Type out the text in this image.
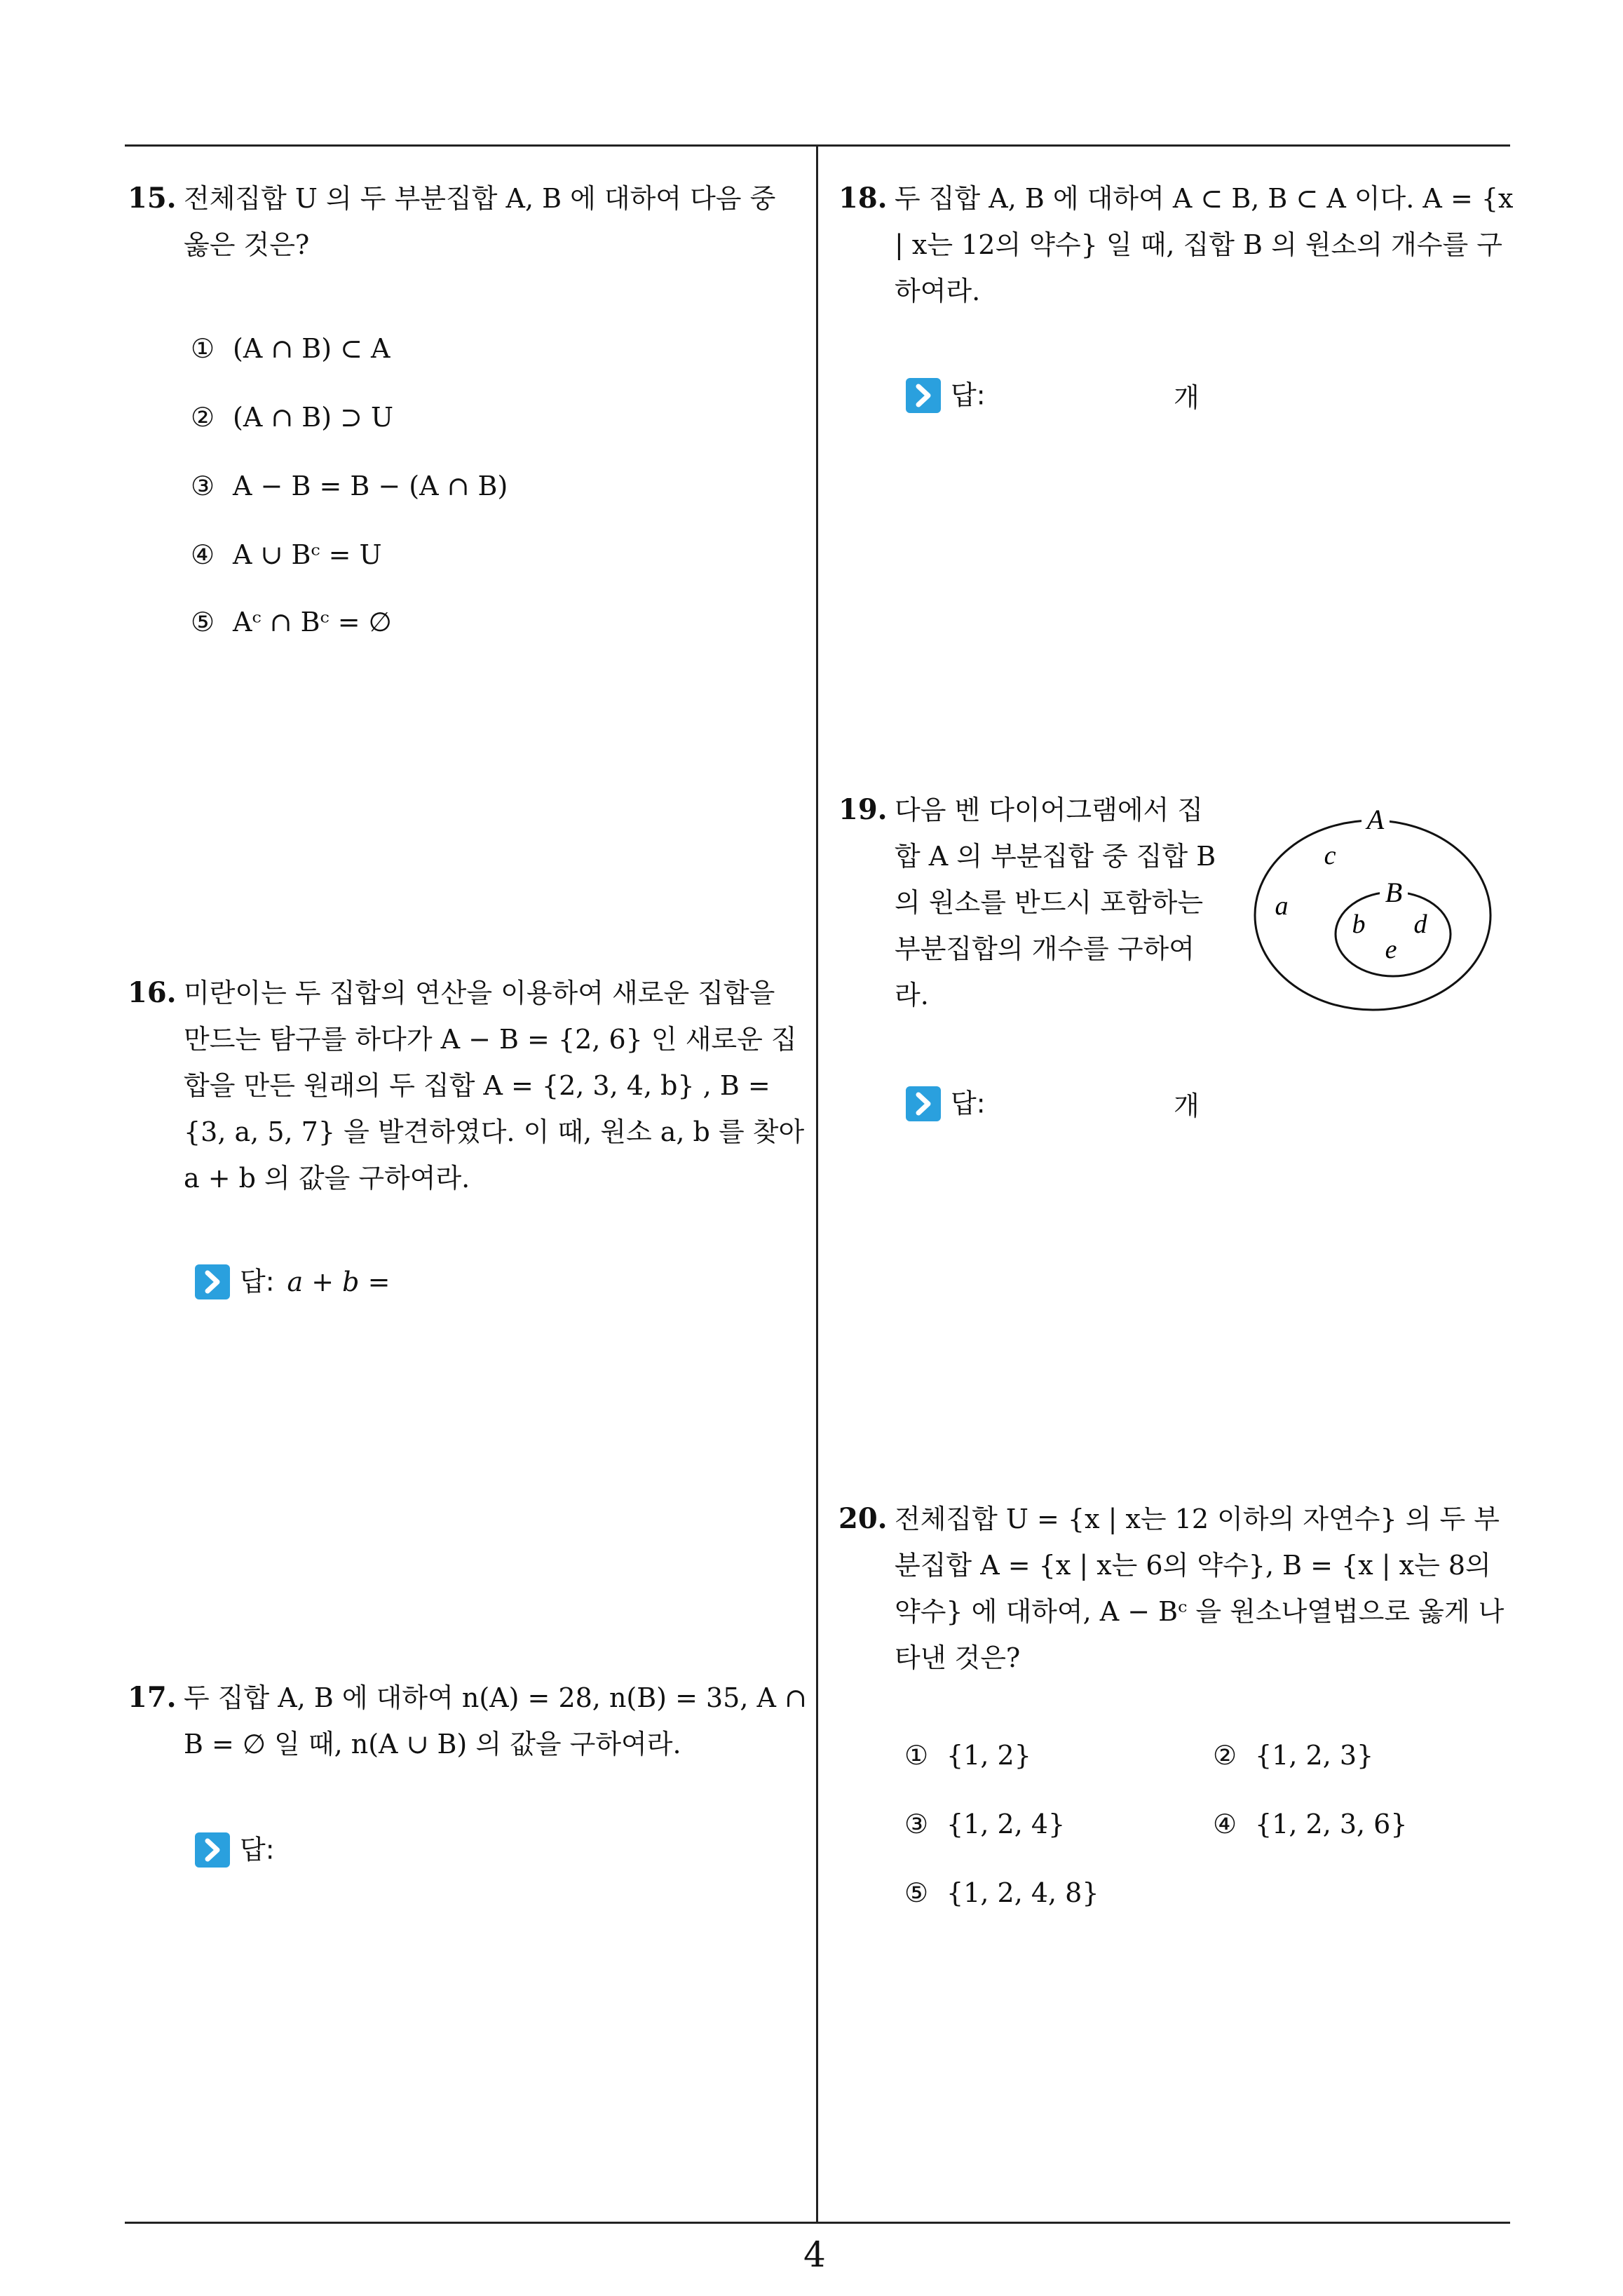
15. 전체집합 U 의 두 부분집합 A, B 에 대하여 다음 중 옳은 것은?
① (A ∩ B) ⊂ A
② (A ∩ B) ⊃ U
③ A − B = B − (A ∩ B)
④ A ∪ Bᶜ = U
⑤ Aᶜ ∩ Bᶜ = ∅
16. 미란이는 두 집합의 연산을 이용하여 새로운 집합을 만드는 탐구를 하다가 A − B = {2, 6} 인 새로운 집합을 만든 원래의 두 집합 A = {2, 3, 4, b} , B = {3, a, 5, 7} 을 발견하였다. 이 때, 원소 a, b 를 찾아 a + b 의 값을 구하여라.
답: a + b =
17. 두 집합 A, B 에 대하여 n(A) = 28, n(B) = 35, A ∩ B = ∅ 일 때, n(A ∪ B) 의 값을 구하여라.
답:
18. 두 집합 A, B 에 대하여 A ⊂ B, B ⊂ A 이다. A = {x | x는 12의 약수} 일 때, 집합 B 의 원소의 개수를 구하여라.
답:	개
19. 다음 벤 다이어그램에서 집합 A 의 부분집합 중 집합 B 의 원소를 반드시 포함하는 부분집합의 개수를 구하여라.
A
B
c
a
b d
e
답:	개
20. 전체집합 U = {x | x는 12 이하의 자연수} 의 두 부분집합 A = {x | x는 6의 약수}, B = {x | x는 8의 약수} 에 대하여, A − Bᶜ 을 원소나열법으로 옳게 나타낸 것은?
① {1, 2}	② {1, 2, 3}
③ {1, 2, 4}	④ {1, 2, 3, 6}
⑤ {1, 2, 4, 8}
4
